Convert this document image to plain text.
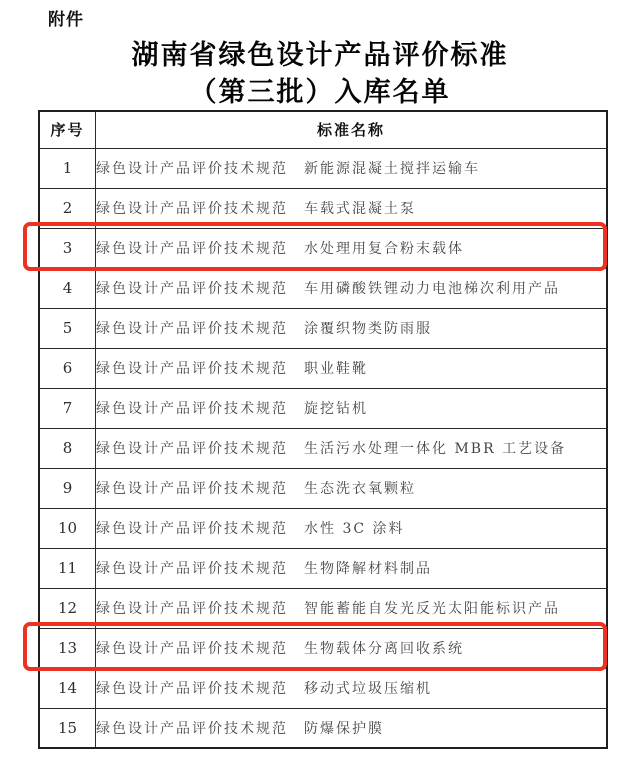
附件
湖南省绿色设计产品评价标准
（第三批）入库名单
序号	标准名称
1	绿色设计产品评价技术规范　新能源混凝土搅拌运输车
2	绿色设计产品评价技术规范　车载式混凝土泵
3	绿色设计产品评价技术规范　水处理用复合粉末载体
4	绿色设计产品评价技术规范　车用磷酸铁锂动力电池梯次利用产品
5	绿色设计产品评价技术规范　涂覆织物类防雨服
6	绿色设计产品评价技术规范　职业鞋靴
7	绿色设计产品评价技术规范　旋挖钻机
8	绿色设计产品评价技术规范　生活污水处理一体化 MBR 工艺设备
9	绿色设计产品评价技术规范　生态洗衣氧颗粒
10	绿色设计产品评价技术规范　水性 3C 涂料
11	绿色设计产品评价技术规范　生物降解材料制品
12	绿色设计产品评价技术规范　智能蓄能自发光反光太阳能标识产品
13	绿色设计产品评价技术规范　生物载体分离回收系统
14	绿色设计产品评价技术规范　移动式垃圾压缩机
15	绿色设计产品评价技术规范　防爆保护膜
